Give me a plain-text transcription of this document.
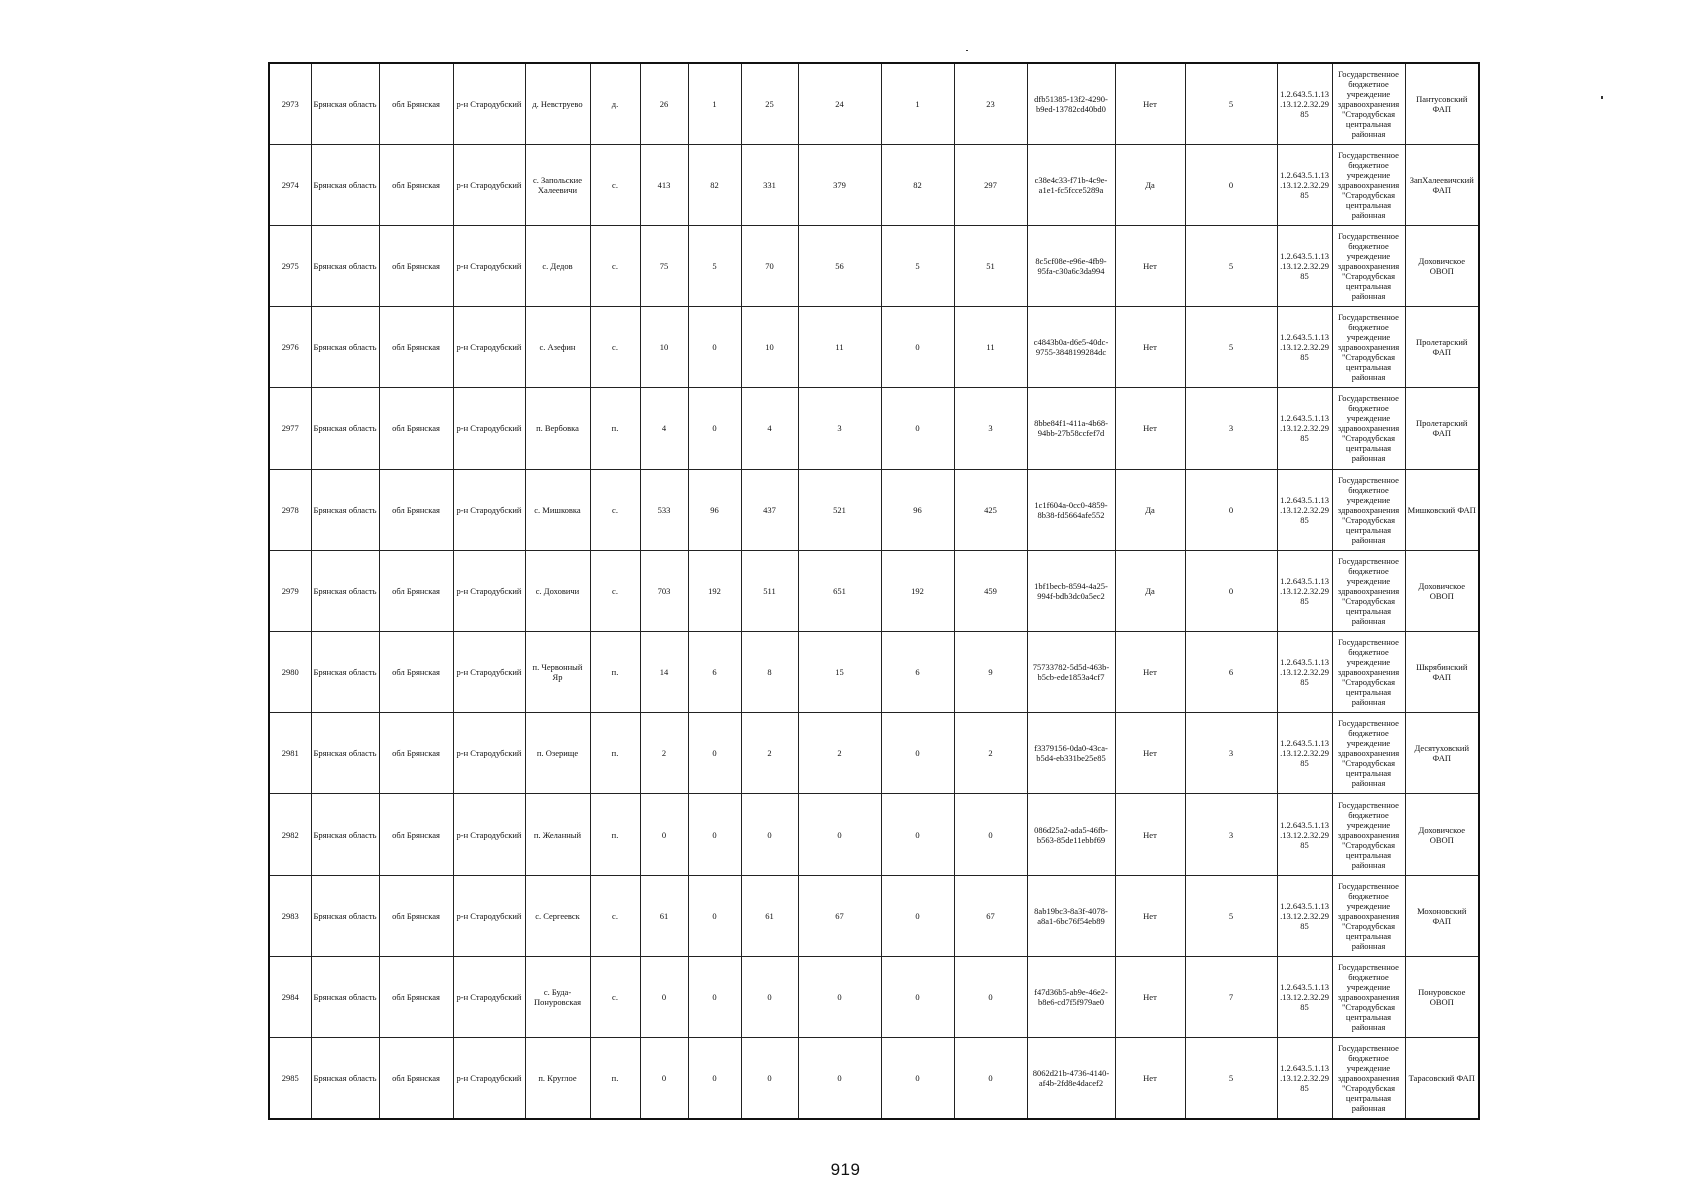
2973	Брянская область	обл Брянская	р-н Стародубский	д. Невструево	д.	26	1	25	24	1	23	dfb51385-13f2-4290-b9ed-13782cd40bd0	Нет	5	1.2.643.5.1.13.13.12.2.32.2985	Государственное бюджетное учреждение здравоохранения "Стародубская центральная районная	Пантусовский ФАП
2974	Брянская область	обл Брянская	р-н Стародубский	с. Запольские Халеевичи	с.	413	82	331	379	82	297	c38e4c33-f71b-4c9e-a1e1-fc5fcce5289a	Да	0	1.2.643.5.1.13.13.12.2.32.2985	Государственное бюджетное учреждение здравоохранения "Стародубская центральная районная	ЗапХалеевичский ФАП
2975	Брянская область	обл Брянская	р-н Стародубский	с. Дедов	с.	75	5	70	56	5	51	8c5cf08e-e96e-4fb9-95fa-c30a6c3da994	Нет	5	1.2.643.5.1.13.13.12.2.32.2985	Государственное бюджетное учреждение здравоохранения "Стародубская центральная районная	Доховичское ОВОП
2976	Брянская область	обл Брянская	р-н Стародубский	с. Азефин	с.	10	0	10	11	0	11	c4843b0a-d6e5-40dc-9755-3848199284dc	Нет	5	1.2.643.5.1.13.13.12.2.32.2985	Государственное бюджетное учреждение здравоохранения "Стародубская центральная районная	Пролетарский ФАП
2977	Брянская область	обл Брянская	р-н Стародубский	п. Вербовка	п.	4	0	4	3	0	3	8bbe84f1-411a-4b68-94bb-27b58ccfef7d	Нет	3	1.2.643.5.1.13.13.12.2.32.2985	Государственное бюджетное учреждение здравоохранения "Стародубская центральная районная	Пролетарский ФАП
2978	Брянская область	обл Брянская	р-н Стародубский	с. Мишковка	с.	533	96	437	521	96	425	1c1f604a-0cc0-4859-8b38-fd5664afe552	Да	0	1.2.643.5.1.13.13.12.2.32.2985	Государственное бюджетное учреждение здравоохранения "Стародубская центральная районная	Мишковский ФАП
2979	Брянская область	обл Брянская	р-н Стародубский	с. Доховичи	с.	703	192	511	651	192	459	1bf1becb-8594-4a25-994f-bdb3dc0a5ec2	Да	0	1.2.643.5.1.13.13.12.2.32.2985	Государственное бюджетное учреждение здравоохранения "Стародубская центральная районная	Доховичское ОВОП
2980	Брянская область	обл Брянская	р-н Стародубский	п. Червонный Яр	п.	14	6	8	15	6	9	75733782-5d5d-463b-b5cb-ede1853a4cf7	Нет	6	1.2.643.5.1.13.13.12.2.32.2985	Государственное бюджетное учреждение здравоохранения "Стародубская центральная районная	Шкрябинский ФАП
2981	Брянская область	обл Брянская	р-н Стародубский	п. Озерище	п.	2	0	2	2	0	2	f3379156-0da0-43ca-b5d4-eb331be25e85	Нет	3	1.2.643.5.1.13.13.12.2.32.2985	Государственное бюджетное учреждение здравоохранения "Стародубская центральная районная	Десятуховский ФАП
2982	Брянская область	обл Брянская	р-н Стародубский	п. Желанный	п.	0	0	0	0	0	0	086d25a2-ada5-46fb-b563-85de11ebbf69	Нет	3	1.2.643.5.1.13.13.12.2.32.2985	Государственное бюджетное учреждение здравоохранения "Стародубская центральная районная	Доховичское ОВОП
2983	Брянская область	обл Брянская	р-н Стародубский	с. Сергеевск	с.	61	0	61	67	0	67	8ab19bc3-8a3f-4078-a8a1-6bc76f54eb89	Нет	5	1.2.643.5.1.13.13.12.2.32.2985	Государственное бюджетное учреждение здравоохранения "Стародубская центральная районная	Мохоновский ФАП
2984	Брянская область	обл Брянская	р-н Стародубский	с. Буда-Понуровская	с.	0	0	0	0	0	0	f47d36b5-ab9e-46e2-b8e6-cd7f5f979ae0	Нет	7	1.2.643.5.1.13.13.12.2.32.2985	Государственное бюджетное учреждение здравоохранения "Стародубская центральная районная	Понуровское ОВОП
2985	Брянская область	обл Брянская	р-н Стародубский	п. Круглое	п.	0	0	0	0	0	0	8062d21b-4736-4140-af4b-2fd8e4dacef2	Нет	5	1.2.643.5.1.13.13.12.2.32.2985	Государственное бюджетное учреждение здравоохранения "Стародубская центральная районная	Тарасовский ФАП
919
